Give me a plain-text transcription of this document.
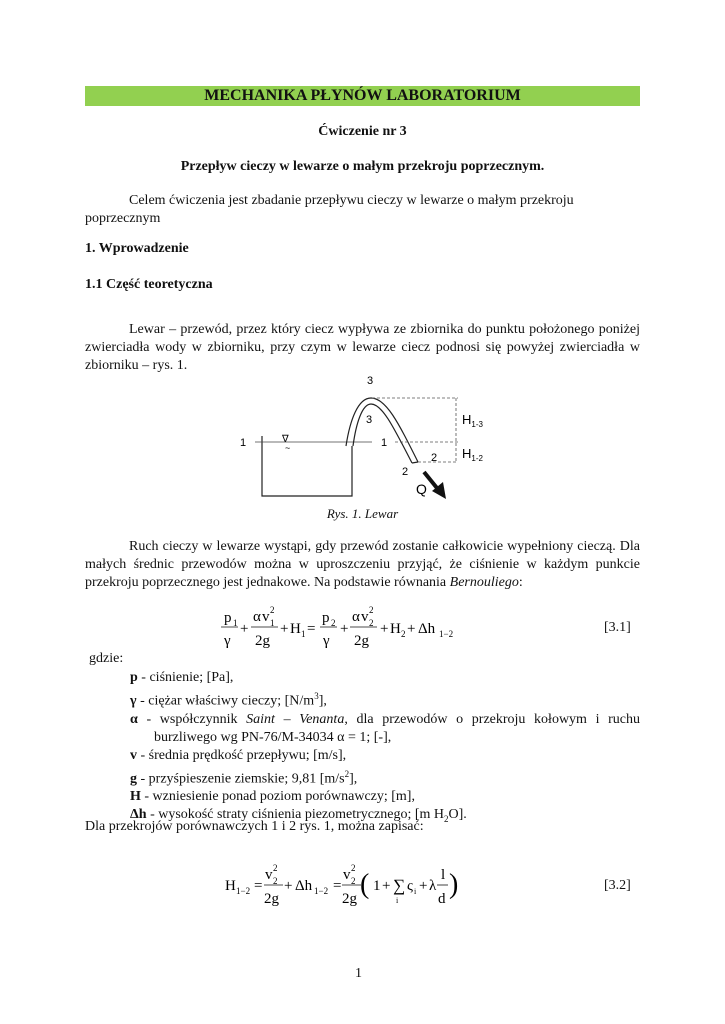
MECHANIKA PŁYNÓW LABORATORIUM
Ćwiczenie nr 3
Przepływ cieczy w lewarze o małym przekroju poprzecznym.
Celem ćwiczenia jest zbadanie przepływu cieczy w lewarze o małym przekroju poprzecznym
1. Wprowadzenie
1.1 Część teoretyczna
Lewar – przewód, przez który ciecz wypływa ze zbiornika do punktu położonego poniżej zwierciadła wody w zbiorniku, przy czym w lewarze ciecz podnosi się powyżej zwierciadła w zbiorniku – rys. 1.
3
3
1	1
2
2
∇
~
$H_{1-3}$
$H_{1-2}$
Q
Rys. 1. Lewar
Ruch cieczy w lewarze wystąpi, gdy przewód zostanie całkowicie wypełniony cieczą. Dla małych średnic przewodów można w uproszczeniu przyjąć, że ciśnienie w każdym punkcie przekroju poprzecznego jest jednakowe. Na podstawie równania Bernouliego:
p 1
γ
+
α v 2
1
2g
+ H 1 =
p 2
γ
+
α v 2
2
2g
+ H 2 + Δh 1−2	[3.1]
gdzie:
p - ciśnienie; [Pa],
γ - ciężar właściwy cieczy; $[N/m^3]$,
α - współczynnik Saint – Venanta, dla przewodów o przekroju kołowym i ruchu burzliwego wg PN-76/M-34034 α = 1; [-],
v - średnia prędkość przepływu; [m/s],
g - przyśpieszenie ziemskie; 9,81 $[m/s^2]$,
H - wzniesienie ponad poziom porównawczy; [m],
Δh - wysokość straty ciśnienia piezometrycznego; [m $H_2O$].
Dla przekrojów porównawczych 1 i 2 rys. 1, można zapisać:
H 1−2 =
v 2
2
2g
+ Δh 1−2 =
v 2
2
2g ( 1 + ∑
i
ς i + λ
l
d )	[3.2]
1
